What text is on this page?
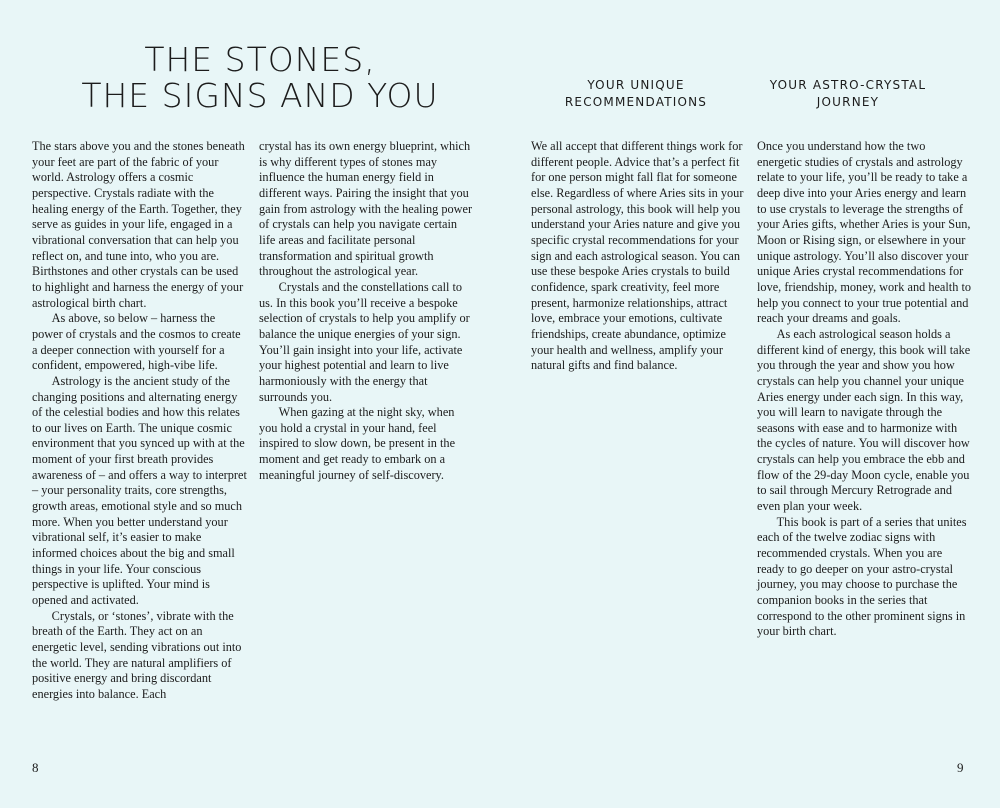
THE STONES,
THE SIGNS AND YOU	YOUR UNIQUE RECOMMENDATIONS
YOUR ASTRO-CRYSTAL JOURNEY

The stars above you and the stones beneath your feet are part of the fabric of your world. Astrology offers a cosmic perspective. Crystals radiate with the healing energy of the Earth. Together, they serve as guides in your life, engaged in a vibrational conversation that can help you reflect on, and tune into, who you are. Birthstones and other crystals can be used to highlight and harness the energy of your astrological birth chart.

As above, so below – harness the power of crystals and the cosmos to create a deeper connection with yourself for a confident, empowered, high-vibe life.

Astrology is the ancient study of the changing positions and alternating energy of the celestial bodies and how this relates to our lives on Earth. The unique cosmic environment that you synced up with at the moment of your first breath provides awareness of – and offers a way to interpret – your personality traits, core strengths, growth areas, emotional style and so much more. When you better understand your vibrational self, it’s easier to make informed choices about the big and small things in your life. Your conscious perspective is uplifted. Your mind is opened and activated.

Crystals, or ‘stones’, vibrate with the breath of the Earth. They act on an energetic level, sending vibrations out into the world. They are natural amplifiers of positive energy and bring discordant energies into balance. Each

crystal has its own energy blueprint, which is why different types of stones may influence the human energy field in different ways. Pairing the insight that you gain from astrology with the healing power of crystals can help you navigate certain life areas and facilitate personal transformation and spiritual growth throughout the astrological year.

Crystals and the constellations call to us. In this book you’ll receive a bespoke selection of crystals to help you amplify or balance the unique energies of your sign. You’ll gain insight into your life, activate your highest potential and learn to live harmoniously with the energy that surrounds you.

When gazing at the night sky, when you hold a crystal in your hand, feel inspired to slow down, be present in the moment and get ready to embark on a meaningful journey of self-discovery.

We all accept that different things work for different people. Advice that’s a perfect fit for one person might fall flat for someone else. Regardless of where Aries sits in your personal astrology, this book will help you understand your Aries nature and give you specific crystal recommendations for your sign and each astrological season. You can use these bespoke Aries crystals to build confidence, spark creativity, feel more present, harmonize relationships, attract love, embrace your emotions, cultivate friendships, create abundance, optimize your health and wellness, amplify your natural gifts and find balance.

Once you understand how the two energetic studies of crystals and astrology relate to your life, you’ll be ready to take a deep dive into your Aries energy and learn to use crystals to leverage the strengths of your Aries gifts, whether Aries is your Sun, Moon or Rising sign, or elsewhere in your unique astrology. You’ll also discover your unique Aries crystal recommendations for love, friendship, money, work and health to help you connect to your true potential and reach your dreams and goals.

As each astrological season holds a different kind of energy, this book will take you through the year and show you how crystals can help you channel your unique Aries energy under each sign. In this way, you will learn to navigate through the seasons with ease and to harmonize with the cycles of nature. You will discover how crystals can help you embrace the ebb and flow of the 29-day Moon cycle, enable you to sail through Mercury Retrograde and even plan your week.

This book is part of a series that unites each of the twelve zodiac signs with recommended crystals. When you are ready to go deeper on your astro-crystal journey, you may choose to purchase the companion books in the series that correspond to the other prominent signs in your birth chart.

8	9
